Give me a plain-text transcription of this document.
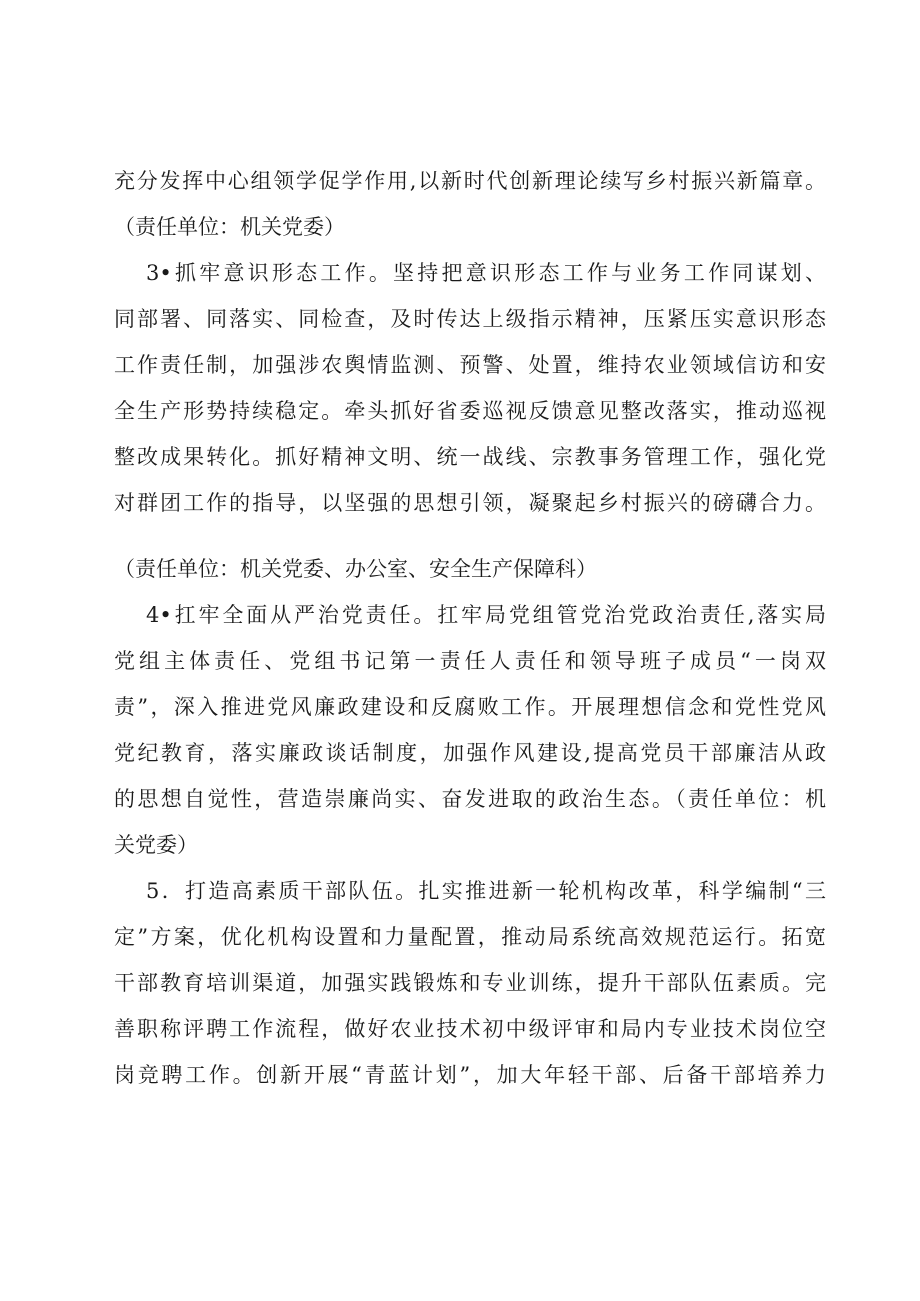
充分发挥中心组领学促学作用,以新时代创新理论续写乡村振兴新篇章。
（责任单位：机关党委）
3•抓牢意识形态工作。坚持把意识形态工作与业务工作同谋划、
同部署、同落实、同检查，及时传达上级指示精神，压紧压实意识形态
工作责任制，加强涉农舆情监测、预警、处置，维持农业领域信访和安
全生产形势持续稳定。牵头抓好省委巡视反馈意见整改落实，推动巡视
整改成果转化。抓好精神文明、统一战线、宗教事务管理工作，强化党
对群团工作的指导，以坚强的思想引领，凝聚起乡村振兴的磅礴合力。
（责任单位：机关党委、办公室、安全生产保障科）
4•扛牢全面从严治党责任。扛牢局党组管党治党政治责任,落实局
党组主体责任、党组书记第一责任人责任和领导班子成员“一岗双
责”，深入推进党风廉政建设和反腐败工作。开展理想信念和党性党风
党纪教育，落实廉政谈话制度，加强作风建设,提高党员干部廉洁从政
的思想自觉性，营造崇廉尚实、奋发进取的政治生态。（责任单位：机
关党委）
5．打造高素质干部队伍。扎实推进新一轮机构改革，科学编制“三
定”方案，优化机构设置和力量配置，推动局系统高效规范运行。拓宽
干部教育培训渠道，加强实践锻炼和专业训练，提升干部队伍素质。完
善职称评聘工作流程，做好农业技术初中级评审和局内专业技术岗位空
岗竞聘工作。创新开展“青蓝计划”，加大年轻干部、后备干部培养力
